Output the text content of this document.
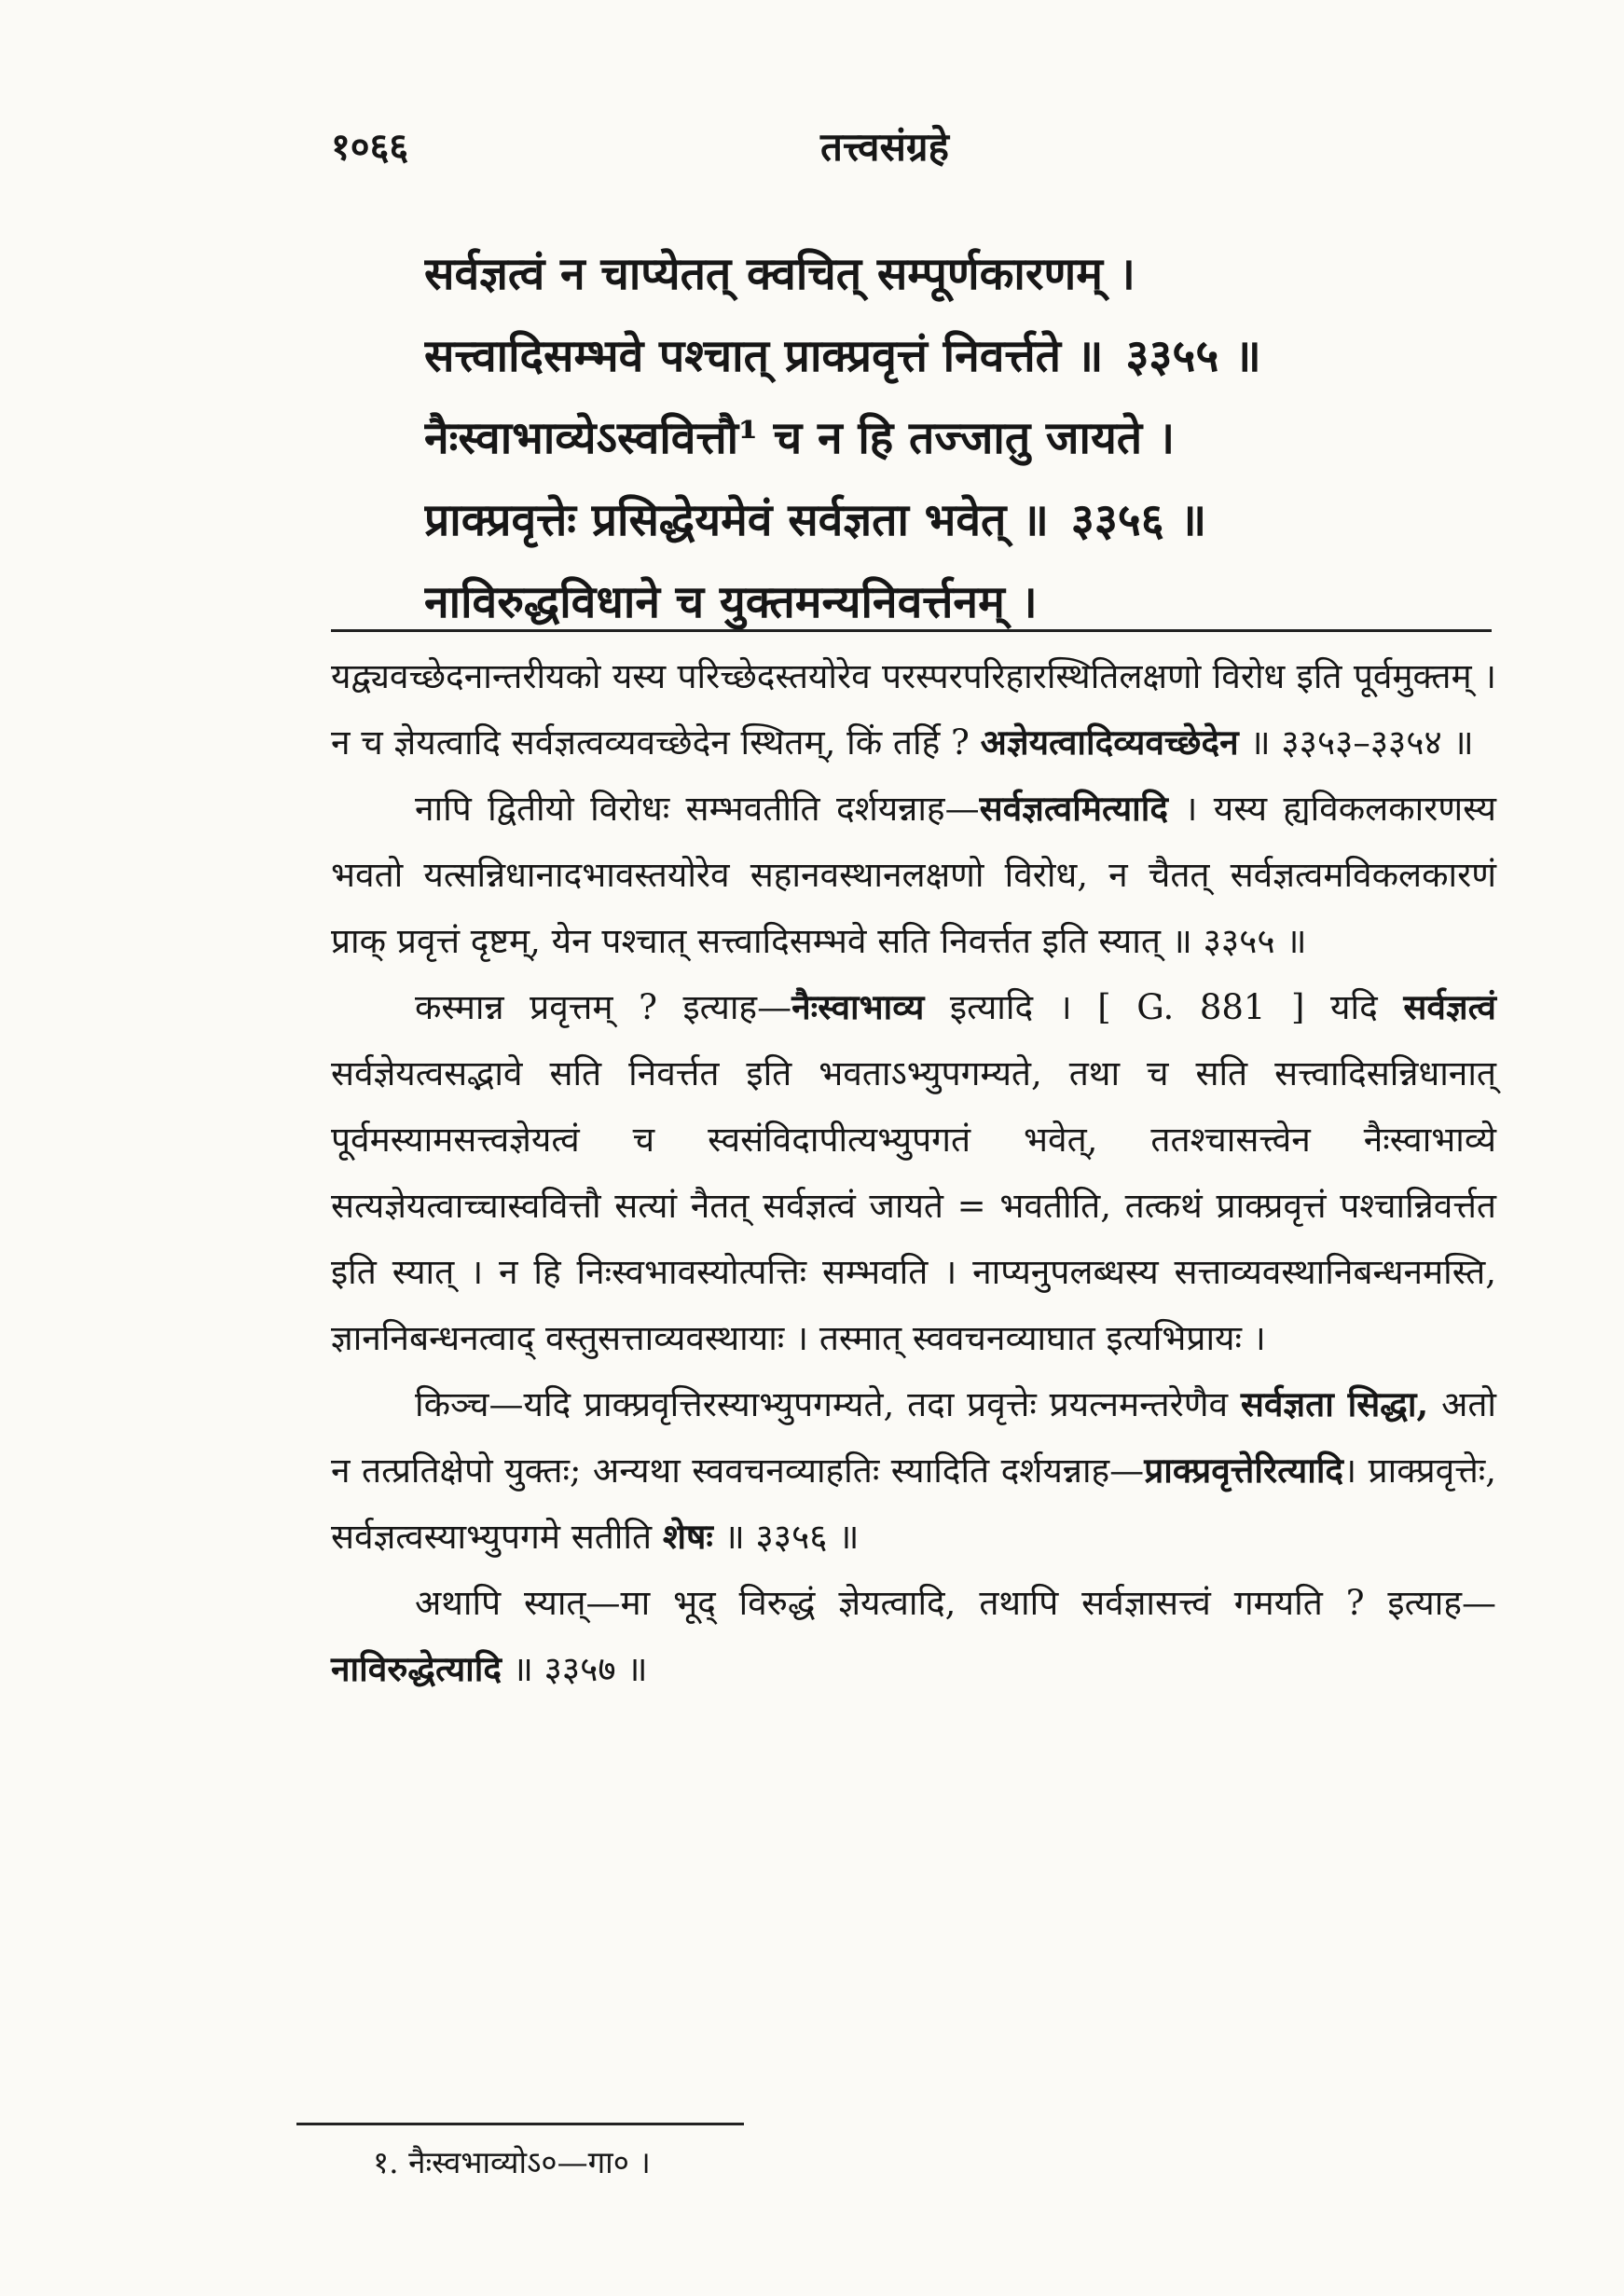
१०६६	तत्त्वसंग्रहे
सर्वज्ञत्वं न चाप्येतत् क्वचित् सम्पूर्णकारणम् ।
सत्त्वादिसम्भवे पश्चात् प्राक्प्रवृत्तं निवर्त्तते ॥ ३३५५ ॥
नैःस्वाभाव्येऽस्ववित्तौ¹ च न हि तज्जातु जायते ।
प्राक्प्रवृत्तेः प्रसिद्धेयमेवं सर्वज्ञता भवेत् ॥ ३३५६ ॥
नाविरुद्धविधाने च युक्तमन्यनिवर्त्तनम् ।

यद्व्यवच्छेदनान्तरीयको यस्य परिच्छेदस्तयोरेव परस्परपरिहारस्थितिलक्षणो विरोध इति पूर्वमुक्तम् । न च ज्ञेयत्वादि सर्वज्ञत्वव्यवच्छेदेन स्थितम्, किं तर्हि ? अज्ञेयत्वादिव्यवच्छेदेन ॥ ३३५३–३३५४ ॥

नापि द्वितीयो विरोधः सम्भवतीति दर्शयन्नाह—सर्वज्ञत्वमित्यादि । यस्य ह्यविकलकारणस्य भवतो यत्सन्निधानादभावस्तयोरेव सहानवस्थानलक्षणो विरोध, न चैतत् सर्वज्ञत्वमविकलकारणं प्राक् प्रवृत्तं दृष्टम्, येन पश्चात् सत्त्वादिसम्भवे सति निवर्त्तत इति स्यात् ॥ ३३५५ ॥

कस्मान्न प्रवृत्तम् ? इत्याह—नैःस्वाभाव्य इत्यादि । [ G. 881 ] यदि सर्वज्ञत्वं सर्वज्ञेयत्वसद्भावे सति निवर्त्तत इति भवताऽभ्युपगम्यते, तथा च सति सत्त्वादिसन्निधानात् पूर्वमस्यामसत्त्वज्ञेयत्वं च स्वसंविदापीत्यभ्युपगतं भवेत्, ततश्चासत्त्वेन नैःस्वाभाव्ये सत्यज्ञेयत्वाच्चास्ववित्तौ सत्यां नैतत् सर्वज्ञत्वं जायते = भवतीति, तत्कथं प्राक्प्रवृत्तं पश्चान्निवर्त्तत इति स्यात् । न हि निःस्वभावस्योत्पत्तिः सम्भवति । नाप्यनुपलब्धस्य सत्ताव्यवस्थानिबन्धनमस्ति, ज्ञाननिबन्धनत्वाद् वस्तुसत्ताव्यवस्थायाः । तस्मात् स्ववचनव्याघात इत्यभिप्रायः ।

किञ्च—यदि प्राक्प्रवृत्तिरस्याभ्युपगम्यते, तदा प्रवृत्तेः प्रयत्नमन्तरेणैव सर्वज्ञता सिद्धा, अतो न तत्प्रतिक्षेपो युक्तः; अन्यथा स्ववचनव्याहतिः स्यादिति दर्शयन्नाह—प्राक्प्रवृत्तेरित्यादि। प्राक्प्रवृत्तेः, सर्वज्ञत्वस्याभ्युपगमे सतीति शेषः ॥ ३३५६ ॥

अथापि स्यात्—मा भूद् विरुद्धं ज्ञेयत्वादि, तथापि सर्वज्ञासत्त्वं गमयति ? इत्याह—नाविरुद्धेत्यादि ॥ ३३५७ ॥

१. नैःस्वभाव्योऽ०—गा० ।
